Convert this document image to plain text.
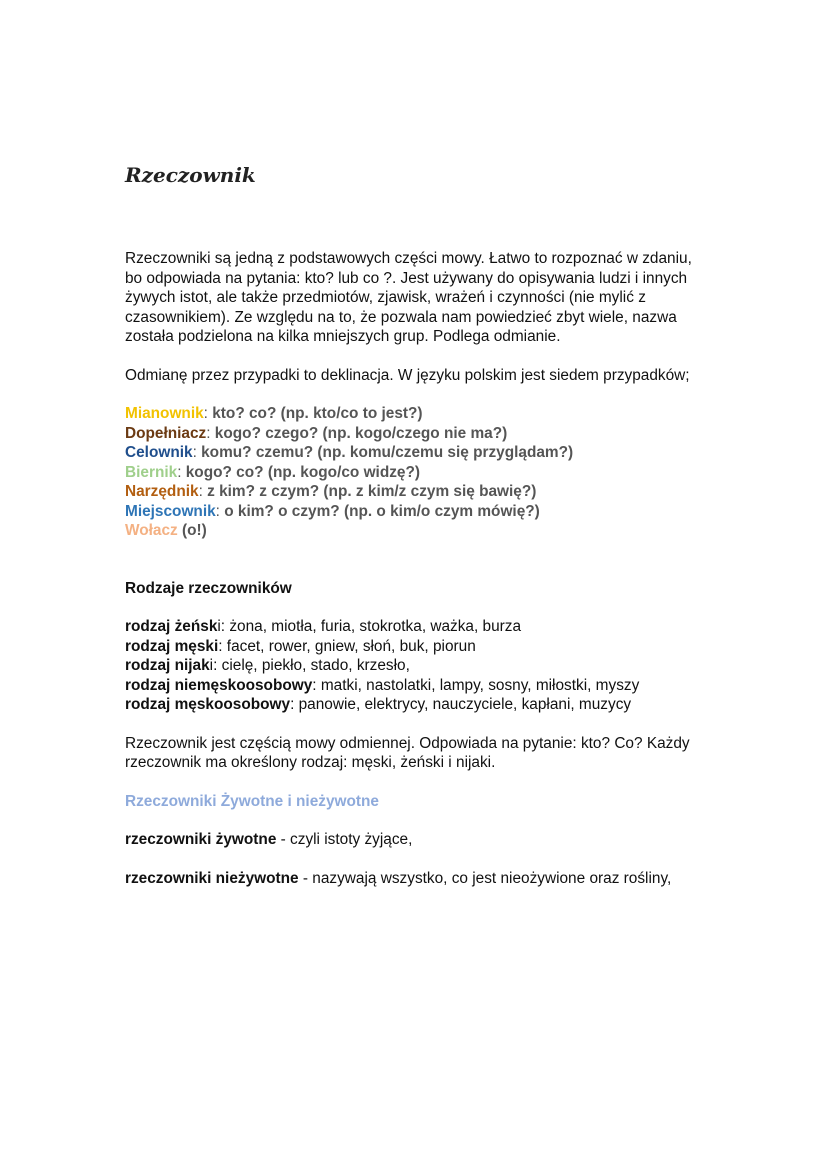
Rzeczownik

Rzeczowniki są jedną z podstawowych części mowy. Łatwo to rozpoznać w zdaniu, bo odpowiada na pytania: kto? lub co ?. Jest używany do opisywania ludzi i innych żywych istot, ale także przedmiotów, zjawisk, wrażeń i czynności (nie mylić z czasownikiem). Ze względu na to, że pozwala nam powiedzieć zbyt wiele, nazwa została podzielona na kilka mniejszych grup. Podlega odmianie.

Odmianę przez przypadki to deklinacja. W języku polskim jest siedem przypadków;

Mianownik: kto? co? (np. kto/co to jest?)
Dopełniacz: kogo? czego? (np. kogo/czego nie ma?)
Celownik: komu? czemu? (np. komu/czemu się przyglądam?)
Biernik: kogo? co? (np. kogo/co widzę?)
Narzędnik: z kim? z czym? (np. z kim/z czym się bawię?)
Miejscownik: o kim? o czym? (np. o kim/o czym mówię?)
Wołacz (o!)
Rodzaje rzeczowników
rodzaj żeński: żona, miotła, furia, stokrotka, ważka, burza
rodzaj męski: facet, rower, gniew, słoń, buk, piorun
rodzaj nijaki: cielę, piekło, stado, krzesło,
rodzaj niemęskoosobowy: matki, nastolatki, lampy, sosny, miłostki, myszy
rodzaj męskoosobowy: panowie, elektrycy, nauczyciele, kapłani, muzycy

Rzeczownik jest częścią mowy odmiennej. Odpowiada na pytanie: kto? Co? Każdy rzeczownik ma określony rodzaj: męski, żeński i nijaki.

Rzeczowniki Żywotne i nieżywotne

rzeczowniki żywotne - czyli istoty żyjące,

rzeczowniki nieżywotne - nazywają wszystko, co jest nieożywione oraz rośliny,
